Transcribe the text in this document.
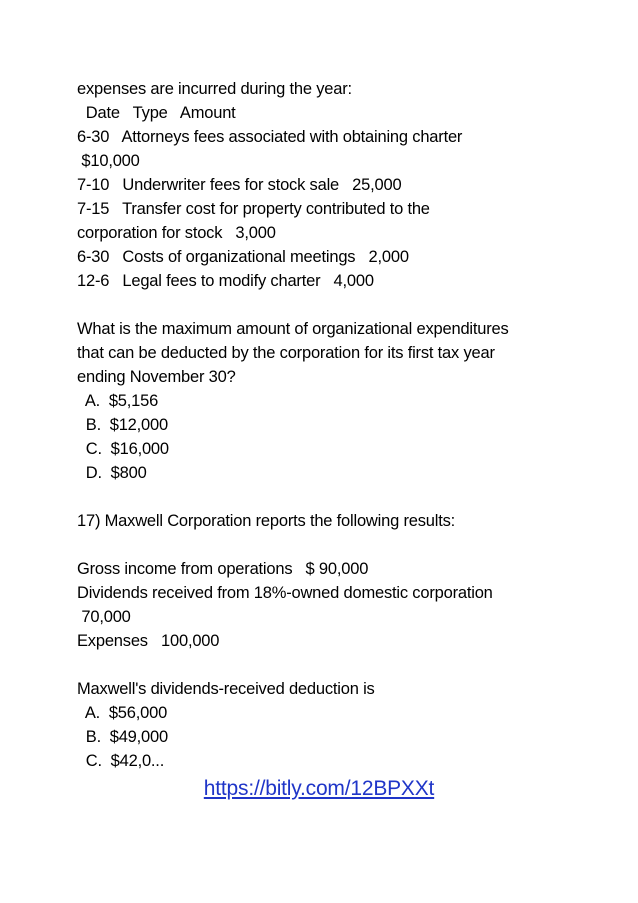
expenses are incurred during the year:
Date   Type   Amount
6-30   Attorneys fees associated with obtaining charter
$10,000
7-10   Underwriter fees for stock sale   25,000
7-15   Transfer cost for property contributed to the
corporation for stock   3,000
6-30   Costs of organizational meetings   2,000
12-6   Legal fees to modify charter   4,000
What is the maximum amount of organizational expenditures
that can be deducted by the corporation for its first tax year
ending November 30?
A.  $5,156
B.  $12,000
C.  $16,000
D.  $800
17) Maxwell Corporation reports the following results:
Gross income from operations   $ 90,000
Dividends received from 18%-owned domestic corporation
70,000
Expenses   100,000
Maxwell's dividends-received deduction is
A.  $56,000
B.  $49,000
C.  $42,0...
https://bitly.com/12BPXXt
